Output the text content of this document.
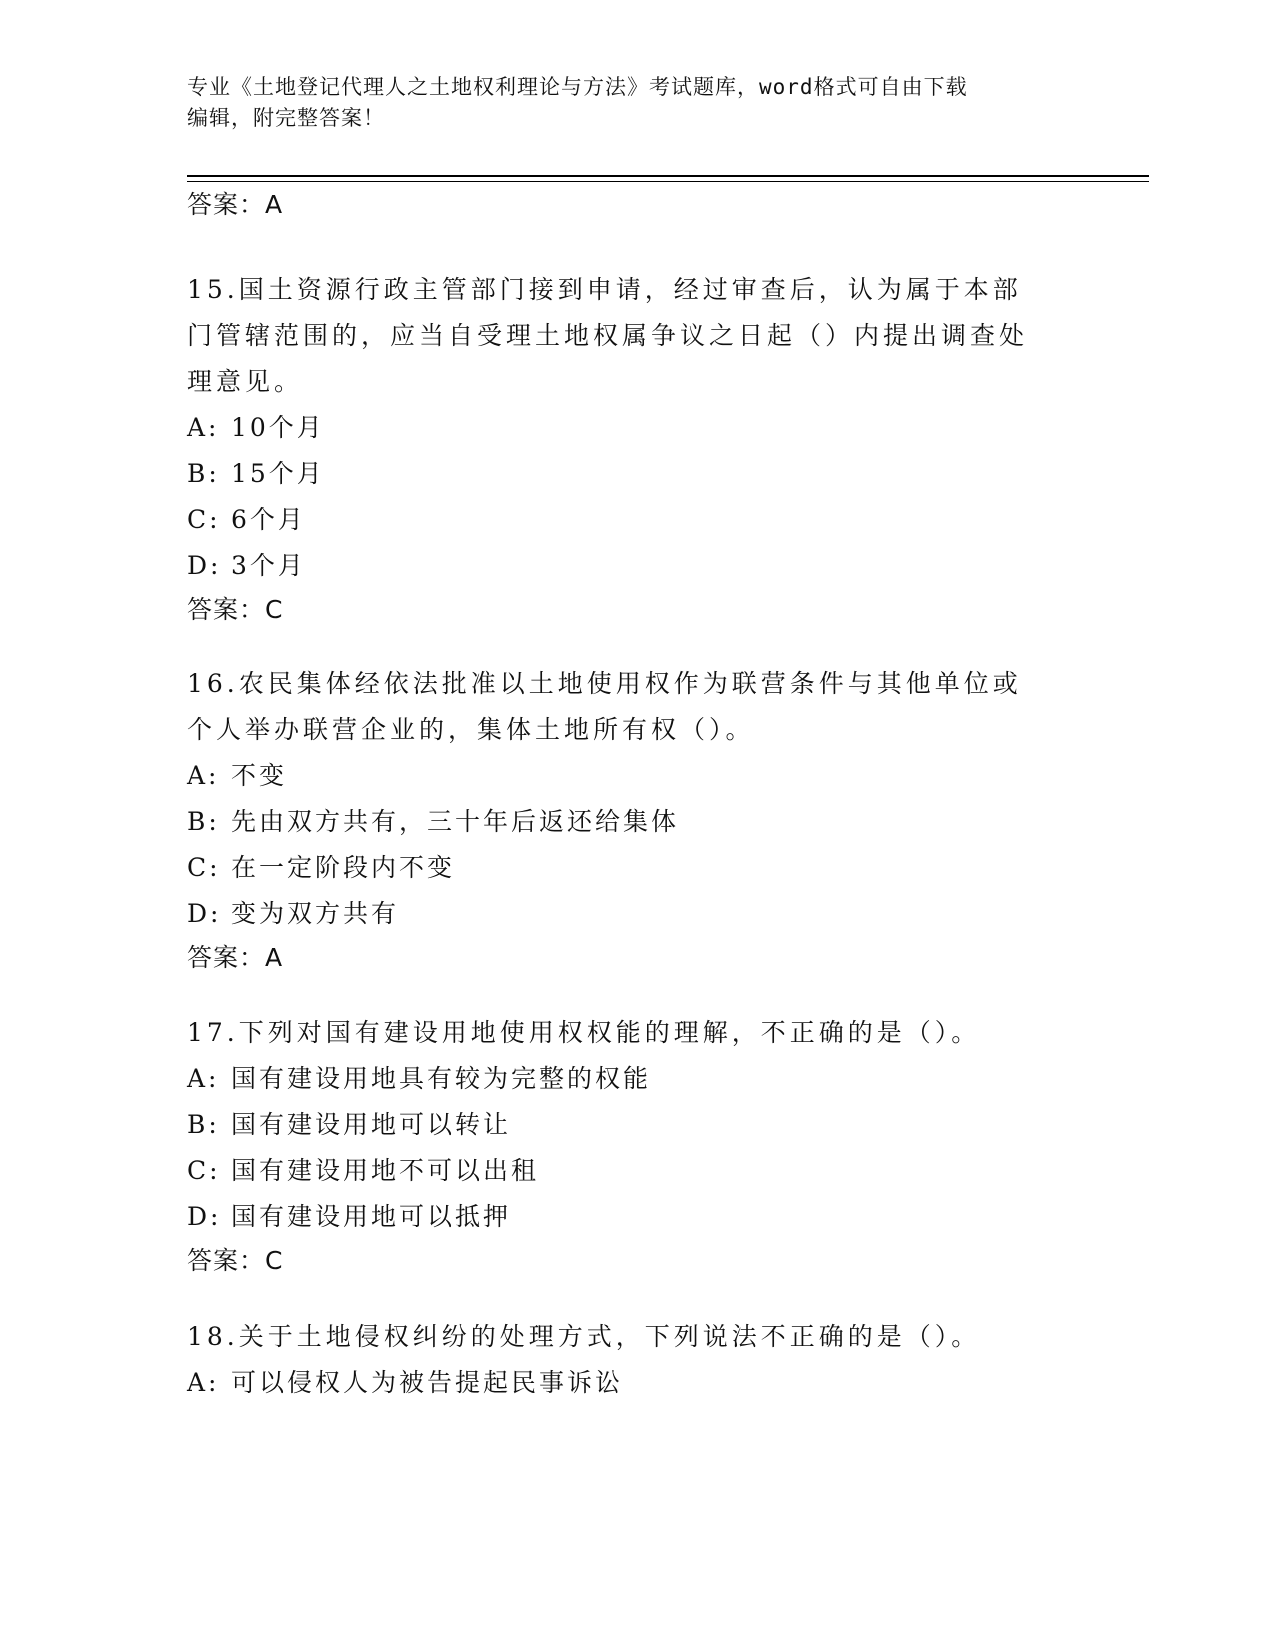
专业《土地登记代理人之土地权利理论与方法》考试题库，word格式可自由下载
编辑，附完整答案！
答案：A
15.国土资源行政主管部门接到申请，经过审查后，认为属于本部门管辖范围的，应当自受理土地权属争议之日起（）内提出调查处理意见。
A: 10个月
B: 15个月
C: 6个月
D: 3个月
答案：C
16.农民集体经依法批准以土地使用权作为联营条件与其他单位或个人举办联营企业的，集体土地所有权（）。
A: 不变
B: 先由双方共有，三十年后返还给集体
C: 在一定阶段内不变
D: 变为双方共有
答案：A
17.下列对国有建设用地使用权权能的理解，不正确的是（）。
A: 国有建设用地具有较为完整的权能
B: 国有建设用地可以转让
C: 国有建设用地不可以出租
D: 国有建设用地可以抵押
答案：C
18.关于土地侵权纠纷的处理方式，下列说法不正确的是（）。
A: 可以侵权人为被告提起民事诉讼
